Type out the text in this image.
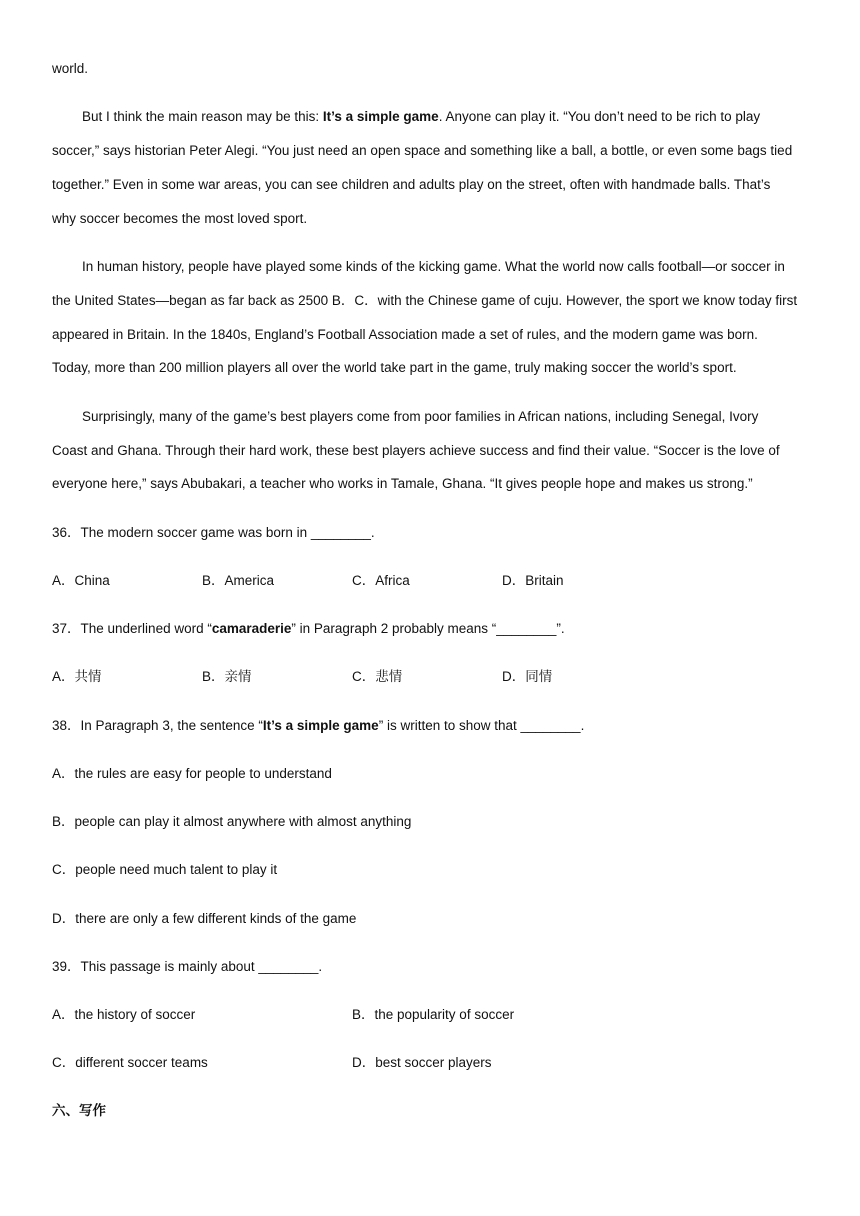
world.
But I think the main reason may be this: It’s a simple game. Anyone can play it. “You don’t need to be rich to play
soccer,” says historian Peter Alegi. “You just need an open space and something like a ball, a bottle, or even some bags tied
together.” Even in some war areas, you can see children and adults play on the street, often with handmade balls. That’s
why soccer becomes the most loved sport.
In human history, people have played some kinds of the kicking game. What the world now calls football—or soccer in
the United States—began as far back as 2500 B．C．with the Chinese game of cuju. However, the sport we know today first
appeared in Britain. In the 1840s, England’s Football Association made a set of rules, and the modern game was born.
Today, more than 200 million players all over the world take part in the game, truly making soccer the world’s sport.
Surprisingly, many of the game’s best players come from poor families in African nations, including Senegal, Ivory
Coast and Ghana. Through their hard work, these best players achieve success and find their value. “Soccer is the love of
everyone here,” says Abubakari, a teacher who works in Tamale, Ghana. “It gives people hope and makes us strong.”
36．The modern soccer game was born in ________.
A．China	B．America	C．Africa	D．Britain
37．The underlined word “camaraderie” in Paragraph 2 probably means “________”.
A．共情	B．亲情	C．悲情	D．同情
38．In Paragraph 3, the sentence “It’s a simple game” is written to show that ________.
A．the rules are easy for people to understand
B．people can play it almost anywhere with almost anything
C．people need much talent to play it
D．there are only a few different kinds of the game
39．This passage is mainly about ________.
A．the history of soccer	B．the popularity of soccer
C．different soccer teams	D．best soccer players
六、写作
